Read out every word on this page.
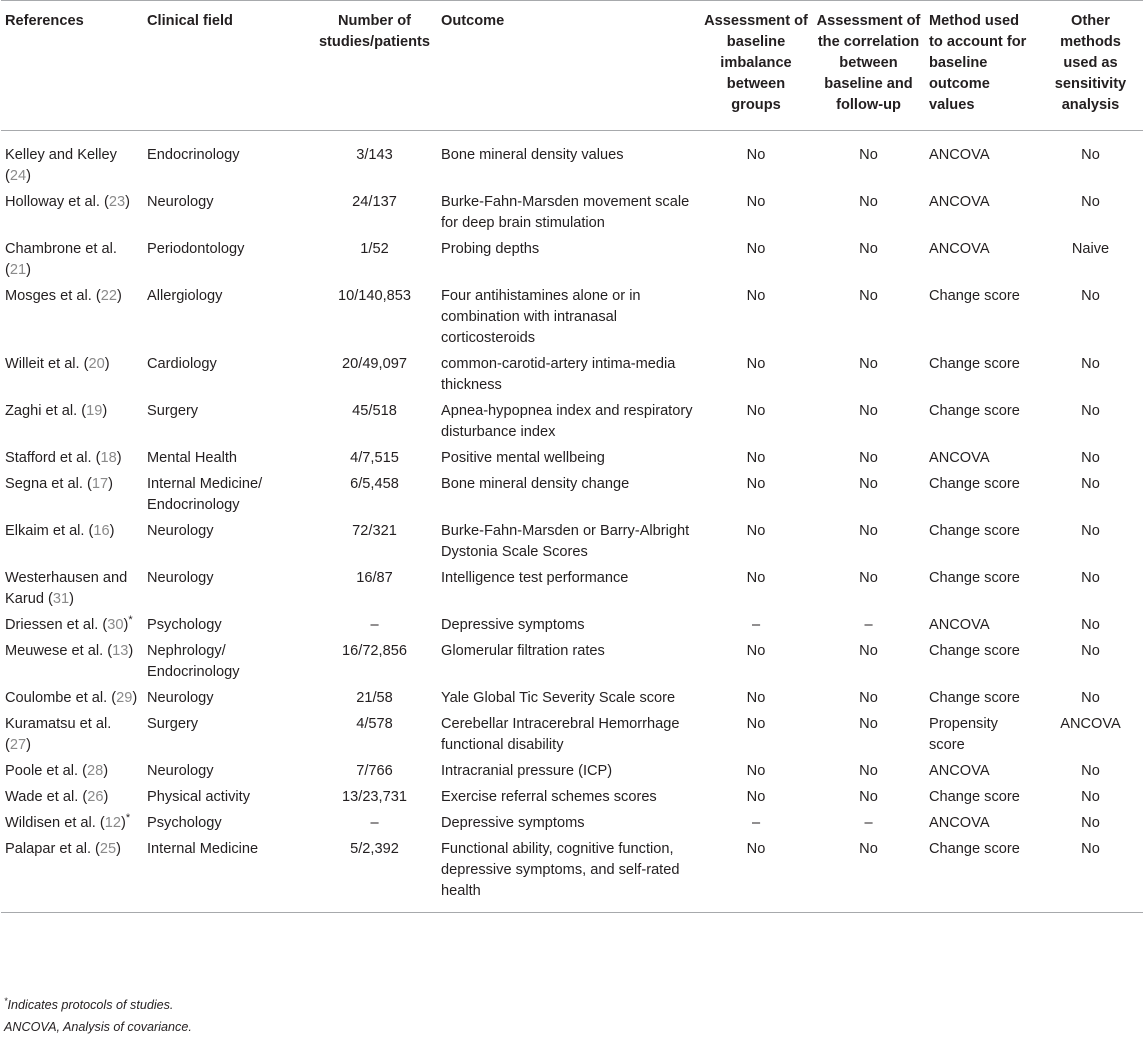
References	Clinical field	Number of studies/patients	Outcome	Assessment of baseline imbalance between groups	Assessment of the correlation between baseline and follow-up	Method used to account for baseline outcome values	Other methods used as sensitivity analysis
Kelley and Kelley (24)	Endocrinology	3/143	Bone mineral density values	No	No	ANCOVA	No
Holloway et al. (23)	Neurology	24/137	Burke-Fahn-Marsden movement scale for deep brain stimulation	No	No	ANCOVA	No
Chambrone et al. (21)	Periodontology	1/52	Probing depths	No	No	ANCOVA	Naive
Mosges et al. (22)	Allergiology	10/140,853	Four antihistamines alone or in combination with intranasal corticosteroids	No	No	Change score	No
Willeit et al. (20)	Cardiology	20/49,097	common-carotid-artery intima-media thickness	No	No	Change score	No
Zaghi et al. (19)	Surgery	45/518	Apnea-hypopnea index and respiratory disturbance index	No	No	Change score	No
Stafford et al. (18)	Mental Health	4/7,515	Positive mental wellbeing	No	No	ANCOVA	No
Segna et al. (17)	Internal Medicine/ Endocrinology	6/5,458	Bone mineral density change	No	No	Change score	No
Elkaim et al. (16)	Neurology	72/321	Burke-Fahn-Marsden or Barry-Albright Dystonia Scale Scores	No	No	Change score	No
Westerhausen and Karud (31)	Neurology	16/87	Intelligence test performance	No	No	Change score	No
Driessen et al. (30)*	Psychology	–	Depressive symptoms	–	–	ANCOVA	No
Meuwese et al. (13)	Nephrology/ Endocrinology	16/72,856	Glomerular filtration rates	No	No	Change score	No
Coulombe et al. (29)	Neurology	21/58	Yale Global Tic Severity Scale score	No	No	Change score	No
Kuramatsu et al. (27)	Surgery	4/578	Cerebellar Intracerebral Hemorrhage functional disability	No	No	Propensity score	ANCOVA
Poole et al. (28)	Neurology	7/766	Intracranial pressure (ICP)	No	No	ANCOVA	No
Wade et al. (26)	Physical activity	13/23,731	Exercise referral schemes scores	No	No	Change score	No
Wildisen et al. (12)*	Psychology	–	Depressive symptoms	–	–	ANCOVA	No
Palapar et al. (25)	Internal Medicine	5/2,392	Functional ability, cognitive function, depressive symptoms, and self-rated health	No	No	Change score	No
*Indicates protocols of studies.
ANCOVA, Analysis of covariance.
